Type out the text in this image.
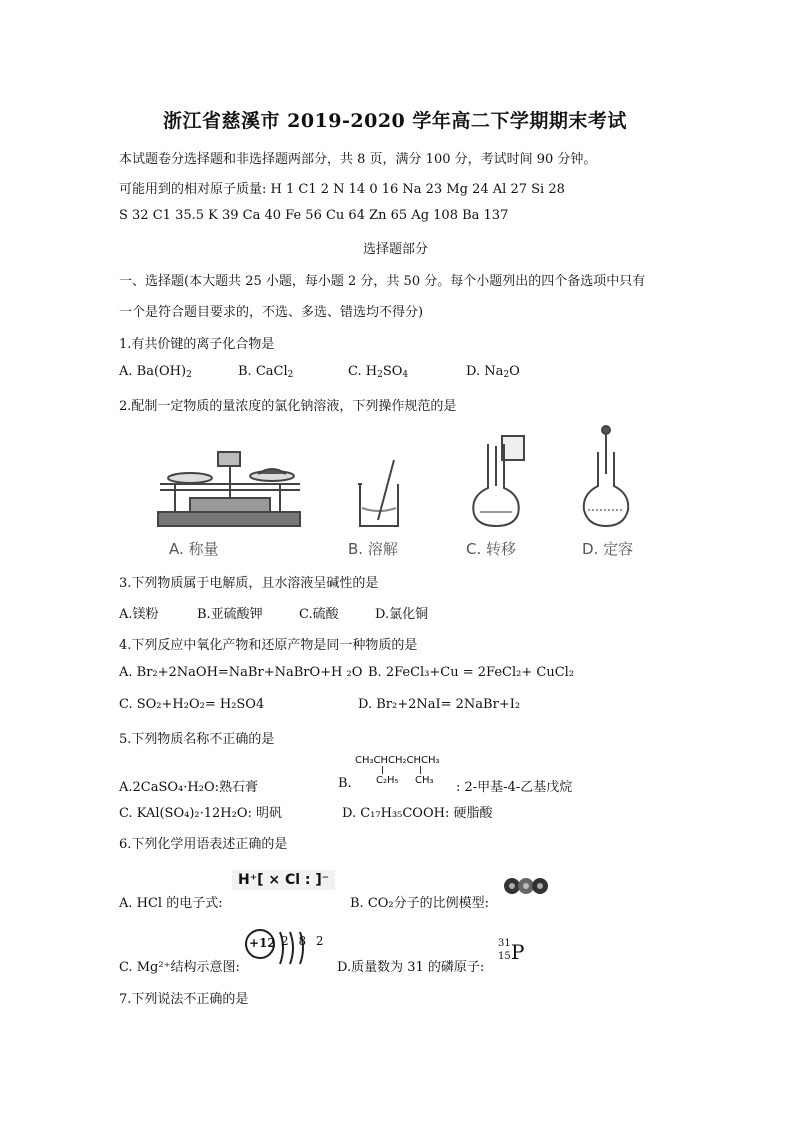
浙江省慈溪市 2019-2020 学年高二下学期期末考试
本试题卷分选择题和非选择题两部分，共 8 页，满分 100 分，考试时间 90 分钟。
可能用到的相对原子质量: H 1 C1 2 N 14 0 16 Na 23 Mg 24 Al 27 Si 28
S 32 C1 35.5 K 39 Ca 40 Fe 56 Cu 64 Zn 65 Ag 108 Ba 137
选择题部分
一、选择题(本大题共 25 小题，每小题 2 分，共 50 分。每个小题列出的四个备选项中只有
一个是符合题目要求的，不选、多选、错选均不得分)
1.有共价键的离子化合物是
A. $Ba(OH)_2$	B. CaCl$_2$	C. $H_2SO_4$	D. $Na_2O$
2.配制一定物质的量浓度的氯化钠溶液，下列操作规范的是
A. 称量	B. 溶解	C. 转移	D. 定容
3.下列物质属于电解质，且水溶液呈碱性的是
A.镁粉	B.亚硫酸钾	C.硫酸	D.氯化铜
4.下列反应中氧化产物和还原产物是同一种物质的是
A. Br₂+2NaOH=NaBr+NaBrO+H ₂O B. 2FeCl₃+Cu = 2FeCl₂+ CuCl₂
C. SO₂+H₂O₂= H₂SO4	D. Br₂+2NaI= 2NaBr+I₂
5.下列物质名称不正确的是
A.2CaSO₄·H₂O:熟石膏	B.
CH₃CHCH₂CHCH₃
C₂H₅ CH₃ : 2-甲基-4-乙基戊烷
C. KAl(SO₄)₂·12H₂O: 明矾	D. C₁₇H₃₅COOH: 硬脂酸
6.下列化学用语表述正确的是
A. HCl 的电子式:
H⁺[ ⨯ Cl : ]⁻
B. CO₂分子的比例模型:
C. Mg²⁺结构示意图:
+12 2 8 2
D.质量数为 31 的磷原子:
31
15 P
7.下列说法不正确的是
